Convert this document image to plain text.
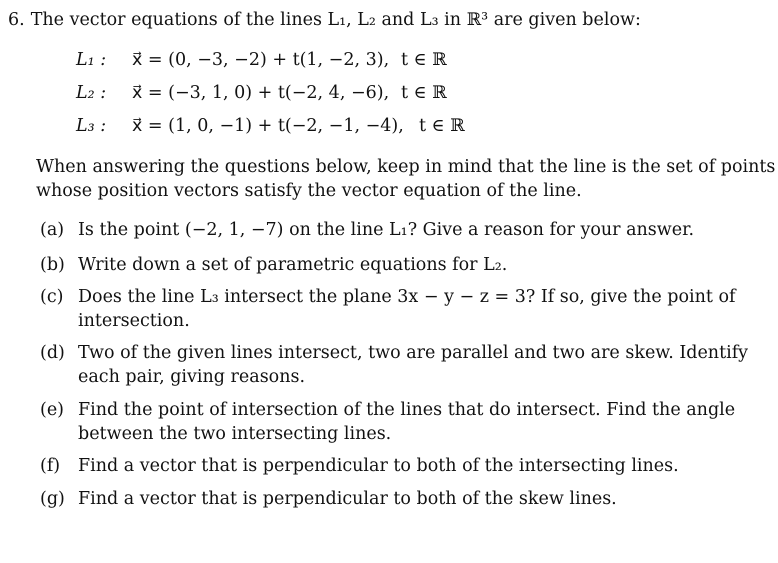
6. The vector equations of the lines L₁, L₂ and L₃ in ℝ³ are given below:
L₁ : x⃗ = (0, −3, −2) + t(1, −2, 3), t ∈ ℝ
L₂ : x⃗ = (−3, 1, 0) + t(−2, 4, −6), t ∈ ℝ
L₃ : x⃗ = (1, 0, −1) + t(−2, −1, −4), t ∈ ℝ
When answering the questions below, keep in mind that the line is the set of points
whose position vectors satisfy the vector equation of the line.
(a) Is the point (−2, 1, −7) on the line L₁? Give a reason for your answer.
(b) Write down a set of parametric equations for L₂.
(c) Does the line L₃ intersect the plane 3x − y − z = 3? If so, give the point of
intersection.
(d) Two of the given lines intersect, two are parallel and two are skew. Identify
each pair, giving reasons.
(e) Find the point of intersection of the lines that do intersect. Find the angle
between the two intersecting lines.
(f) Find a vector that is perpendicular to both of the intersecting lines.
(g) Find a vector that is perpendicular to both of the skew lines.
